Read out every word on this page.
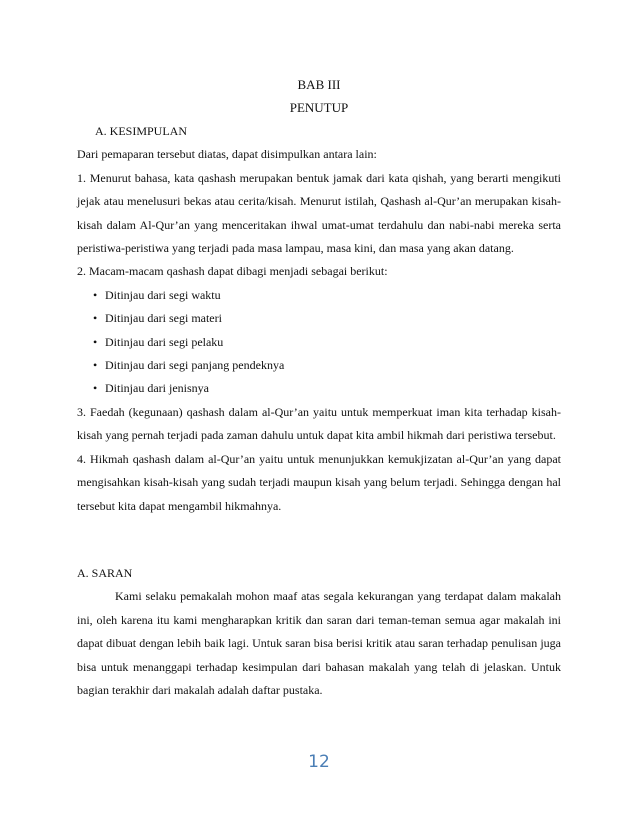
BAB III
PENUTUP

A. KESIMPULAN

Dari pemaparan tersebut diatas, dapat disimpulkan antara lain:

1. Menurut bahasa, kata qashash merupakan bentuk jamak dari kata qishah, yang berarti mengikuti jejak atau menelusuri bekas atau cerita/kisah. Menurut istilah, Qashash al-Qur’an merupakan kisah-kisah dalam Al-Qur’an yang menceritakan ihwal umat-umat terdahulu dan nabi-nabi mereka serta peristiwa-peristiwa yang terjadi pada masa lampau, masa kini, dan masa yang akan datang.

2. Macam-macam qashash dapat dibagi menjadi sebagai berikut:

• Ditinjau dari segi waktu
• Ditinjau dari segi materi
• Ditinjau dari segi pelaku
• Ditinjau dari segi panjang pendeknya
• Ditinjau dari jenisnya

3. Faedah (kegunaan) qashash dalam al-Qur’an yaitu untuk memperkuat iman kita terhadap kisah-kisah yang pernah terjadi pada zaman dahulu untuk dapat kita ambil hikmah dari peristiwa tersebut.

4. Hikmah qashash dalam al-Qur’an yaitu untuk menunjukkan kemukjizatan al-Qur’an yang dapat mengisahkan kisah-kisah yang sudah terjadi maupun kisah yang belum terjadi. Sehingga dengan hal tersebut kita dapat mengambil hikmahnya.

A. SARAN

Kami selaku pemakalah mohon maaf atas segala kekurangan yang terdapat dalam makalah ini, oleh karena itu kami mengharapkan kritik dan saran dari teman-teman semua agar makalah ini dapat dibuat dengan lebih baik lagi. Untuk saran bisa berisi kritik atau saran terhadap penulisan juga bisa untuk menanggapi terhadap kesimpulan dari bahasan makalah yang telah di jelaskan. Untuk bagian terakhir dari makalah adalah daftar pustaka.

12
